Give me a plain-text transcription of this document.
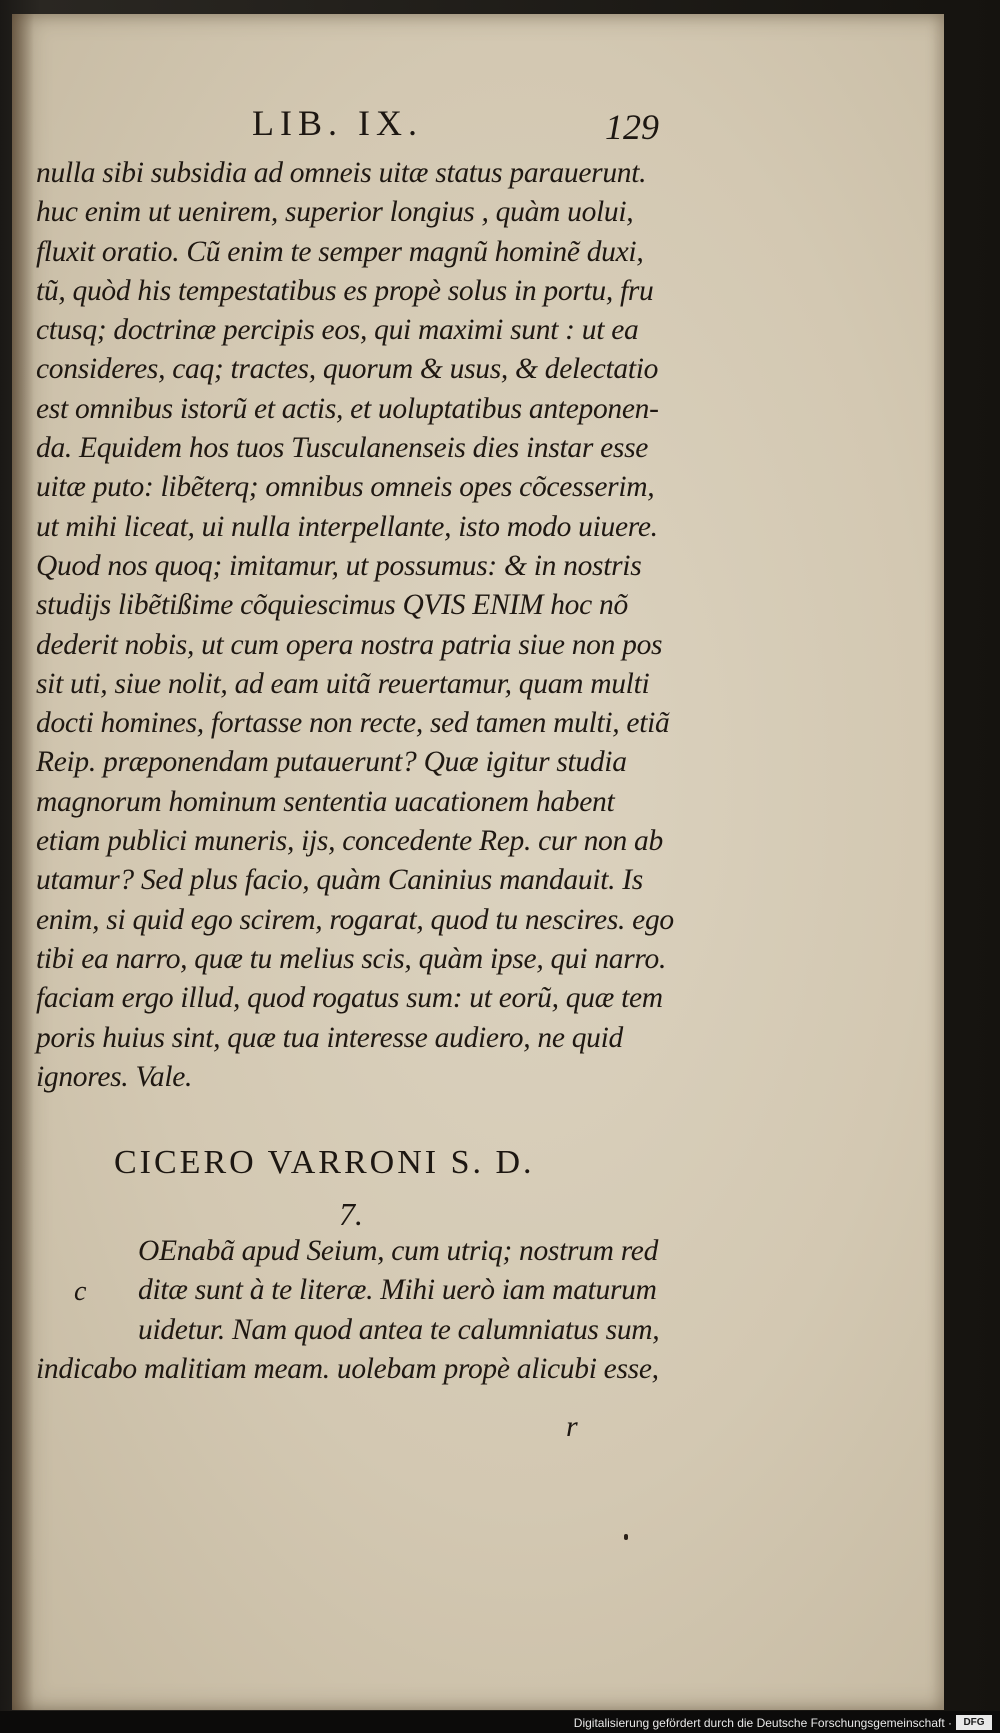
LIB. IX.	129
nulla sibi subsidia ad omneis uitæ status parauerunt.
huc enim ut uenirem, superior longius , quàm uolui,
fluxit oratio. Cũ enim te semper magnũ hominẽ duxi,
tũ, quòd his tempestatibus es propè solus in portu, fru
ctusq; doctrinæ percipis eos, qui maximi sunt : ut ea
consideres, caq; tractes, quorum & usus, & delectatio
est omnibus istorũ et actis, et uoluptatibus anteponen-
da. Equidem hos tuos Tusculanenseis dies instar esse
uitæ puto: libẽterq; omnibus omneis opes cõcesserim,
ut mihi liceat, ui nulla interpellante, isto modo uiuere.
Quod nos quoq; imitamur, ut possumus: & in nostris
studijs libẽtißime cõquiescimus QVIS ENIM hoc nõ
dederit nobis, ut cum opera nostra patria siue non pos
sit uti, siue nolit, ad eam uitã reuertamur, quam multi
docti homines, fortasse non recte, sed tamen multi, etiã
Reip. præponendam putauerunt? Quæ igitur studia
magnorum hominum sententia uacationem habent
etiam publici muneris, ijs, concedente Rep. cur non ab
utamur? Sed plus facio, quàm Caninius mandauit. Is
enim, si quid ego scirem, rogarat, quod tu nescires. ego
tibi ea narro, quæ tu melius scis, quàm ipse, qui narro.
faciam ergo illud, quod rogatus sum: ut eorũ, quæ tem
poris huius sint, quæ tua interesse audiero, ne quid
ignores. Vale.
CICERO VARRONI S. D.
7.
c
OEnabã apud Seium, cum utriq; nostrum red
ditæ sunt à te literæ. Mihi uerò iam maturum
uidetur. Nam quod antea te calumniatus sum,
indicabo malitiam meam. uolebam propè alicubi esse,
r
Digitalisierung gefördert durch die Deutsche Forschungsgemeinschaft ·	DFG
